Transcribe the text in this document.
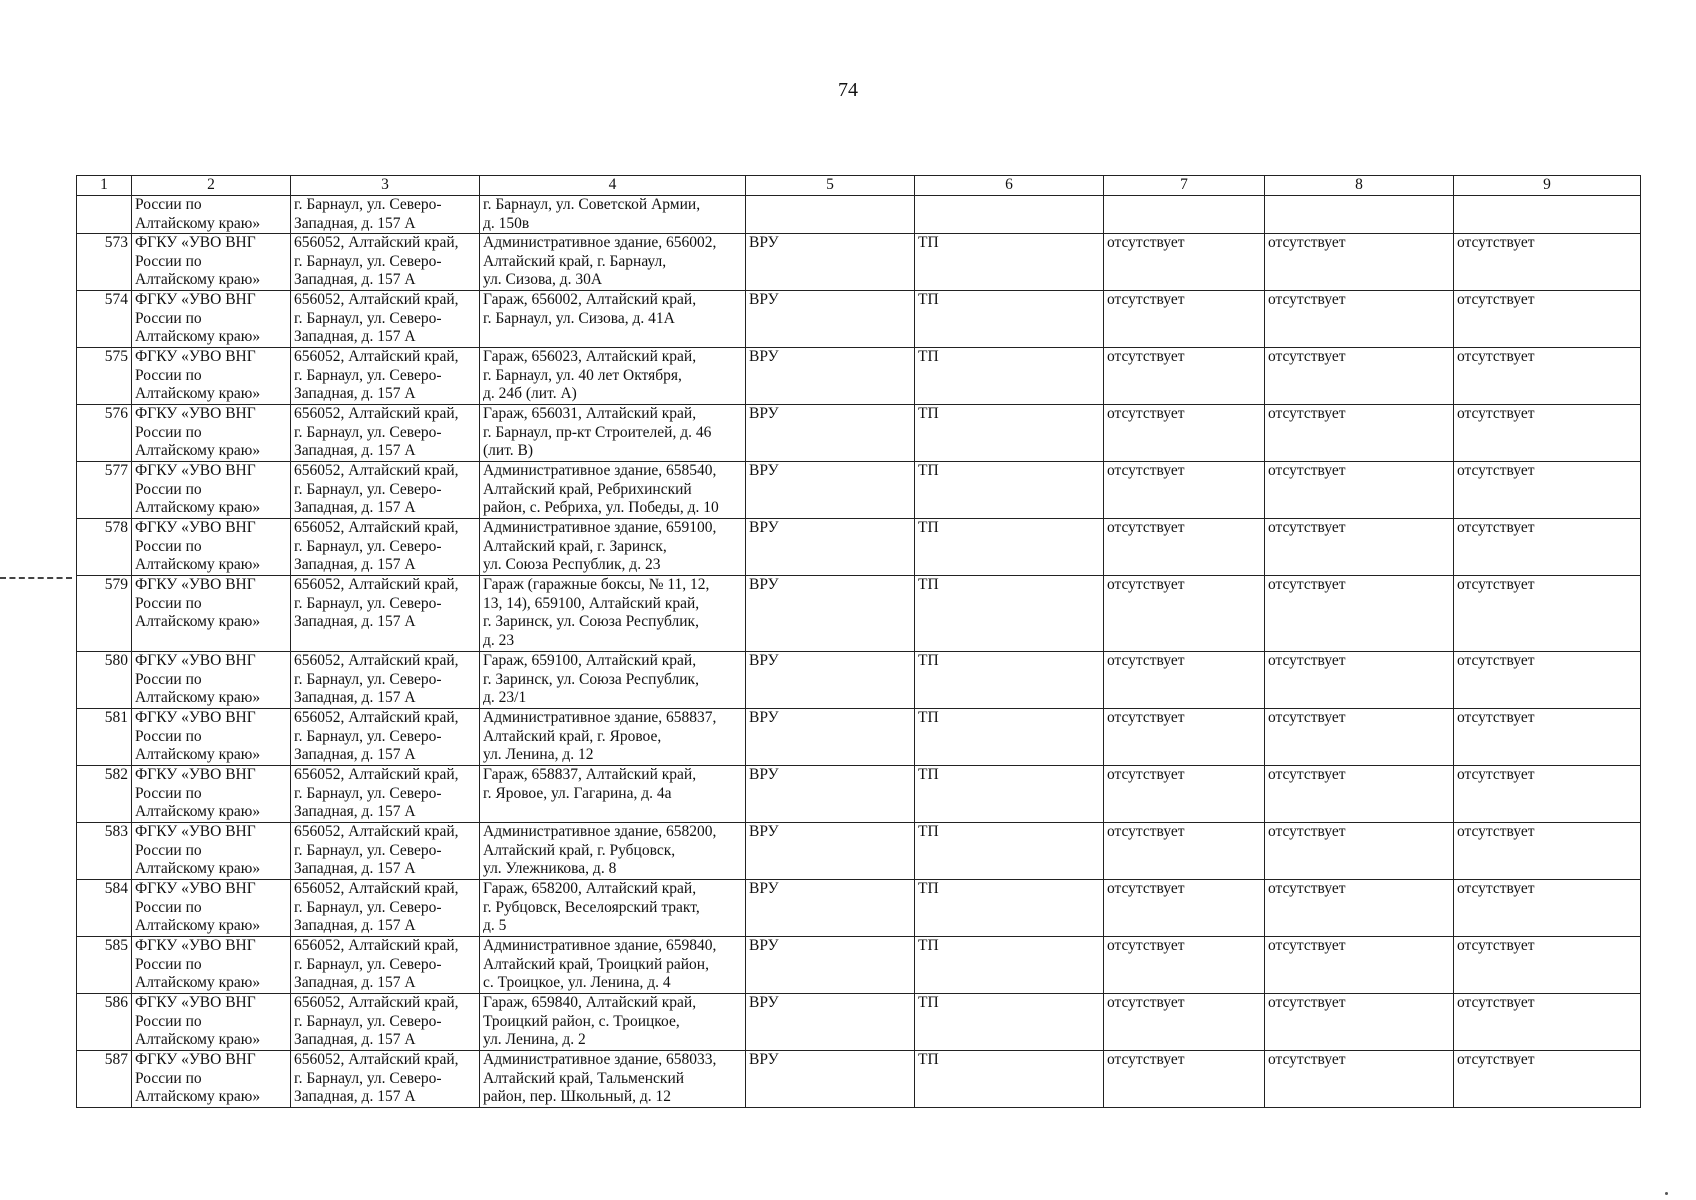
74
1	2	3	4	5	6	7	8	9

	России по
Алтайскому краю»	г. Барнаул, ул. Северо-
Западная, д. 157 А	г. Барнаул, ул. Советской Армии,
д. 150в					

573	ФГКУ «УВО ВНГ
России по
Алтайскому краю»	656052, Алтайский край,
г. Барнаул, ул. Северо-
Западная, д. 157 А	Административное здание, 656002,
Алтайский край, г. Барнаул,
ул. Сизова, д. 30А	ВРУ	ТП	отсутствует	отсутствует	отсутствует

574	ФГКУ «УВО ВНГ
России по
Алтайскому краю»	656052, Алтайский край,
г. Барнаул, ул. Северо-
Западная, д. 157 А	Гараж, 656002, Алтайский край,
г. Барнаул, ул. Сизова, д. 41А	ВРУ	ТП	отсутствует	отсутствует	отсутствует

575	ФГКУ «УВО ВНГ
России по
Алтайскому краю»	656052, Алтайский край,
г. Барнаул, ул. Северо-
Западная, д. 157 А	Гараж, 656023, Алтайский край,
г. Барнаул, ул. 40 лет Октября,
д. 24б (лит. А)	ВРУ	ТП	отсутствует	отсутствует	отсутствует

576	ФГКУ «УВО ВНГ
России по
Алтайскому краю»	656052, Алтайский край,
г. Барнаул, ул. Северо-
Западная, д. 157 А	Гараж, 656031, Алтайский край,
г. Барнаул, пр-кт Строителей, д. 46
(лит. В)	ВРУ	ТП	отсутствует	отсутствует	отсутствует

577	ФГКУ «УВО ВНГ
России по
Алтайскому краю»	656052, Алтайский край,
г. Барнаул, ул. Северо-
Западная, д. 157 А	Административное здание, 658540,
Алтайский край, Ребрихинский
район, с. Ребриха, ул. Победы, д. 10	ВРУ	ТП	отсутствует	отсутствует	отсутствует

578	ФГКУ «УВО ВНГ
России по
Алтайскому краю»	656052, Алтайский край,
г. Барнаул, ул. Северо-
Западная, д. 157 А	Административное здание, 659100,
Алтайский край, г. Заринск,
ул. Союза Республик, д. 23	ВРУ	ТП	отсутствует	отсутствует	отсутствует

579	ФГКУ «УВО ВНГ
России по
Алтайскому краю»	656052, Алтайский край,
г. Барнаул, ул. Северо-
Западная, д. 157 А	Гараж (гаражные боксы, № 11, 12,
13, 14), 659100, Алтайский край,
г. Заринск, ул. Союза Республик,
д. 23	ВРУ	ТП	отсутствует	отсутствует	отсутствует

580	ФГКУ «УВО ВНГ
России по
Алтайскому краю»	656052, Алтайский край,
г. Барнаул, ул. Северо-
Западная, д. 157 А	Гараж, 659100, Алтайский край,
г. Заринск, ул. Союза Республик,
д. 23/1	ВРУ	ТП	отсутствует	отсутствует	отсутствует

581	ФГКУ «УВО ВНГ
России по
Алтайскому краю»	656052, Алтайский край,
г. Барнаул, ул. Северо-
Западная, д. 157 А	Административное здание, 658837,
Алтайский край, г. Яровое,
ул. Ленина, д. 12	ВРУ	ТП	отсутствует	отсутствует	отсутствует

582	ФГКУ «УВО ВНГ
России по
Алтайскому краю»	656052, Алтайский край,
г. Барнаул, ул. Северо-
Западная, д. 157 А	Гараж, 658837, Алтайский край,
г. Яровое, ул. Гагарина, д. 4а	ВРУ	ТП	отсутствует	отсутствует	отсутствует

583	ФГКУ «УВО ВНГ
России по
Алтайскому краю»	656052, Алтайский край,
г. Барнаул, ул. Северо-
Западная, д. 157 А	Административное здание, 658200,
Алтайский край, г. Рубцовск,
ул. Улежникова, д. 8	ВРУ	ТП	отсутствует	отсутствует	отсутствует

584	ФГКУ «УВО ВНГ
России по
Алтайскому краю»	656052, Алтайский край,
г. Барнаул, ул. Северо-
Западная, д. 157 А	Гараж, 658200, Алтайский край,
г. Рубцовск, Веселоярский тракт,
д. 5	ВРУ	ТП	отсутствует	отсутствует	отсутствует

585	ФГКУ «УВО ВНГ
России по
Алтайскому краю»	656052, Алтайский край,
г. Барнаул, ул. Северо-
Западная, д. 157 А	Административное здание, 659840,
Алтайский край, Троицкий район,
с. Троицкое, ул. Ленина, д. 4	ВРУ	ТП	отсутствует	отсутствует	отсутствует

586	ФГКУ «УВО ВНГ
России по
Алтайскому краю»	656052, Алтайский край,
г. Барнаул, ул. Северо-
Западная, д. 157 А	Гараж, 659840, Алтайский край,
Троицкий район, с. Троицкое,
ул. Ленина, д. 2	ВРУ	ТП	отсутствует	отсутствует	отсутствует

587	ФГКУ «УВО ВНГ
России по
Алтайскому краю»	656052, Алтайский край,
г. Барнаул, ул. Северо-
Западная, д. 157 А	Административное здание, 658033,
Алтайский край, Тальменский
район, пер. Школьный, д. 12	ВРУ	ТП	отсутствует	отсутствует	отсутствует
